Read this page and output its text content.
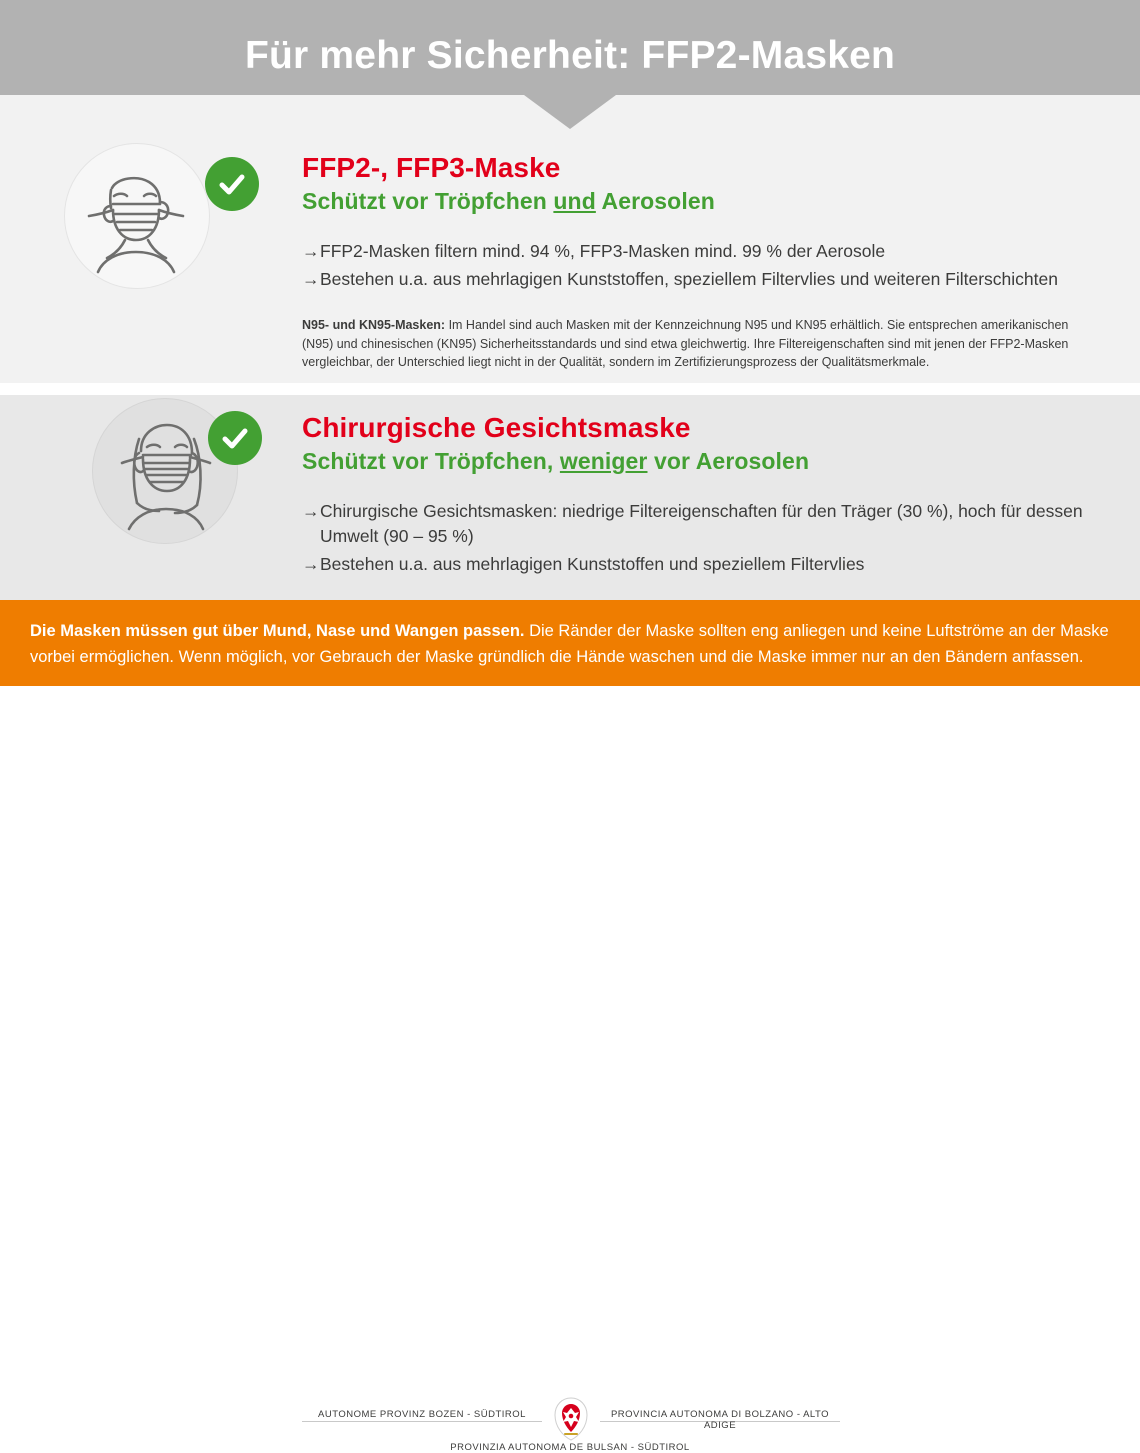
Für mehr Sicherheit: FFP2-Masken
FFP2-, FFP3-Maske
Schützt vor Tröpfchen und Aerosolen
→ FFP2-Masken filtern mind. 94 %, FFP3-Masken mind. 99 % der Aerosole
→ Bestehen u.a. aus mehrlagigen Kunststoffen, speziellem Filtervlies und weiteren Filterschichten
N95- und KN95-Masken: Im Handel sind auch Masken mit der Kennzeichnung N95 und KN95 erhältlich. Sie entsprechen amerikanischen (N95) und chinesischen (KN95) Sicherheitsstandards und sind etwa gleichwertig. Ihre Filtereigenschaften sind mit jenen der FFP2-Masken vergleichbar, der Unterschied liegt nicht in der Qualität, sondern im Zertifizierungsprozess der Qualitätsmerkmale.
Chirurgische Gesichtsmaske
Schützt vor Tröpfchen, weniger vor Aerosolen
→ Chirurgische Gesichtsmasken: niedrige Filtereigenschaften für den Träger (30 %), hoch für dessen Umwelt (90 – 95 %)
→ Bestehen u.a. aus mehrlagigen Kunststoffen und speziellem Filtervlies
Die Masken müssen gut über Mund, Nase und Wangen passen. Die Ränder der Maske sollten eng anliegen und keine Luftströme an der Maske vorbei ermöglichen. Wenn möglich, vor Gebrauch der Maske gründlich die Hände waschen und die Maske immer nur an den Bändern anfassen.
AUTONOME PROVINZ BOZEN - SÜDTIROL	PROVINCIA AUTONOMA DI BOLZANO - ALTO ADIGE
PROVINZIA AUTONOMA DE BULSAN - SÜDTIROL
